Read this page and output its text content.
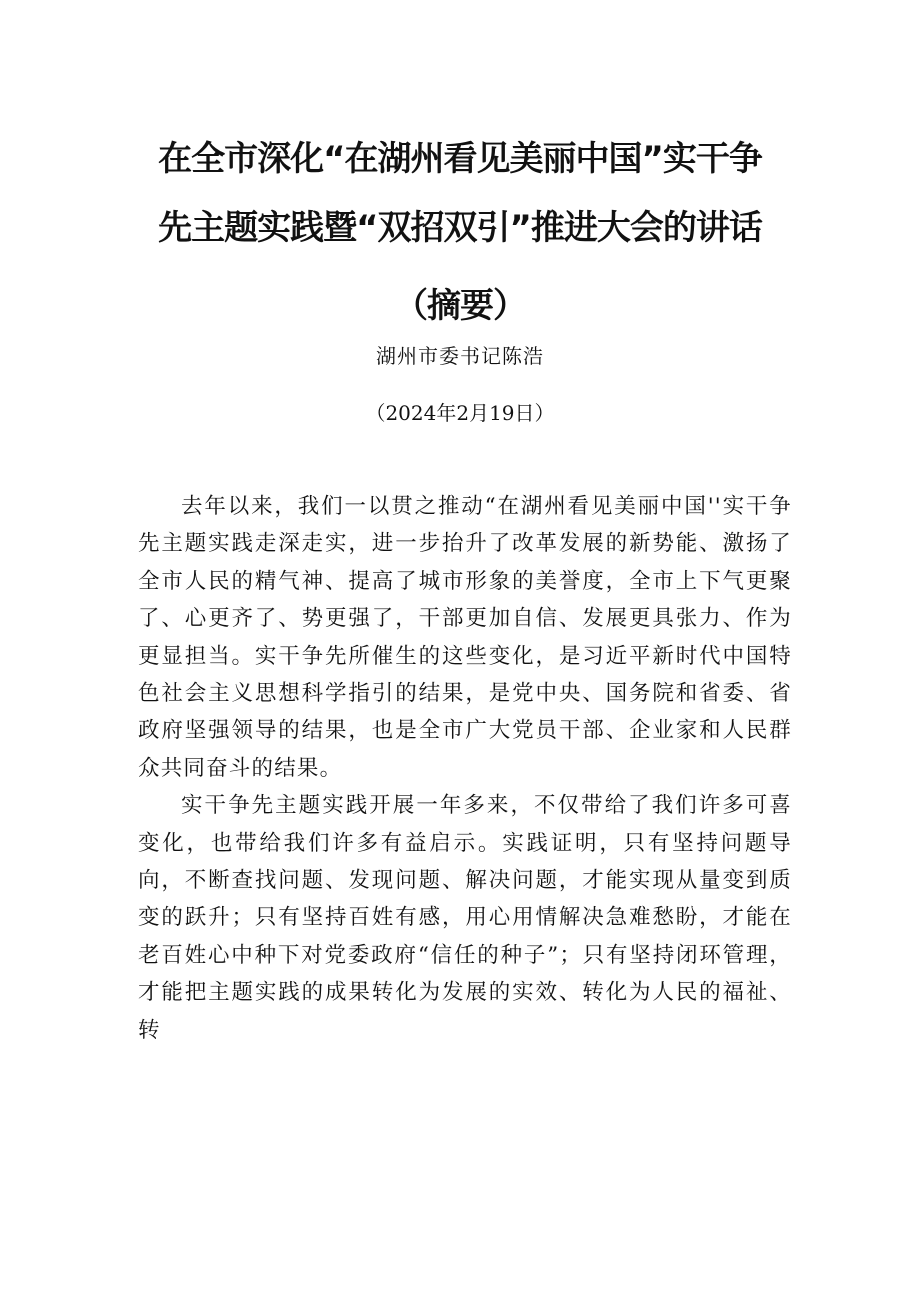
在全市深化“在湖州看见美丽中国”实干争
先主题实践暨“双招双引”推进大会的讲话
（摘要）
湖州市委书记陈浩
（2024年2月19日）

去年以来，我们一以贯之推动“在湖州看见美丽中国''实干争先主题实践走深走实，进一步抬升了改革发展的新势能、激扬了全市人民的精气神、提高了城市形象的美誉度，全市上下气更聚了、心更齐了、势更强了，干部更加自信、发展更具张力、作为更显担当。实干争先所催生的这些变化，是习近平新时代中国特色社会主义思想科学指引的结果，是党中央、国务院和省委、省政府坚强领导的结果，也是全市广大党员干部、企业家和人民群众共同奋斗的结果。

实干争先主题实践开展一年多来，不仅带给了我们许多可喜变化，也带给我们许多有益启示。实践证明，只有坚持问题导向，不断查找问题、发现问题、解决问题，才能实现从量变到质变的跃升；只有坚持百姓有感，用心用情解决急难愁盼，才能在老百姓心中种下对党委政府“信任的种子”；只有坚持闭环管理，才能把主题实践的成果转化为发展的实效、转化为人民的福祉、转
